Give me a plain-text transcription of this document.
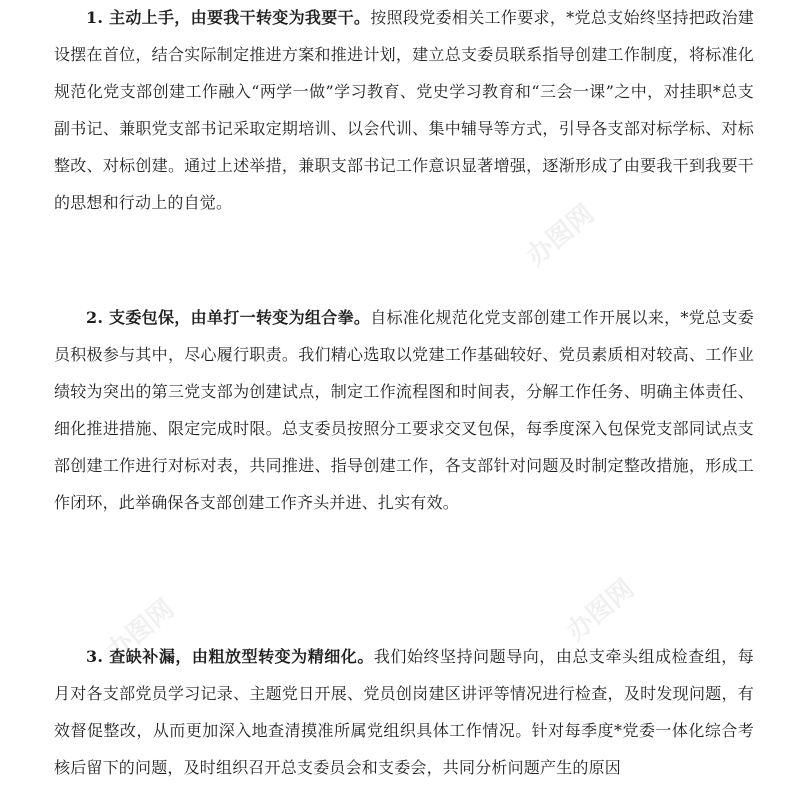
1. 主动上手，由要我干转变为我要干。按照段党委相关工作要求，*党总支始终坚持把政治建设摆在首位，结合实际制定推进方案和推进计划，建立总支委员联系指导创建工作制度，将标准化规范化党支部创建工作融入“两学一做”学习教育、党史学习教育和“三会一课”之中，对挂职*总支副书记、兼职党支部书记采取定期培训、以会代训、集中辅导等方式，引导各支部对标学标、对标整改、对标创建。通过上述举措，兼职支部书记工作意识显著增强，逐渐形成了由要我干到我要干的思想和行动上的自觉。

2. 支委包保，由单打一转变为组合拳。自标准化规范化党支部创建工作开展以来，*党总支委员积极参与其中，尽心履行职责。我们精心选取以党建工作基础较好、党员素质相对较高、工作业绩较为突出的第三党支部为创建试点，制定工作流程图和时间表，分解工作任务、明确主体责任、细化推进措施、限定完成时限。总支委员按照分工要求交叉包保，每季度深入包保党支部同试点支部创建工作进行对标对表，共同推进、指导创建工作，各支部针对问题及时制定整改措施，形成工作闭环，此举确保各支部创建工作齐头并进、扎实有效。

3. 查缺补漏，由粗放型转变为精细化。我们始终坚持问题导向，由总支牵头组成检查组，每月对各支部党员学习记录、主题党日开展、党员创岗建区讲评等情况进行检查，及时发现问题，有效督促整改，从而更加深入地查清摸准所属党组织具体工作情况。针对每季度*党委一体化综合考核后留下的问题，及时组织召开总支委员会和支委会，共同分析问题产生的原因

办图网
办图网	办图网
